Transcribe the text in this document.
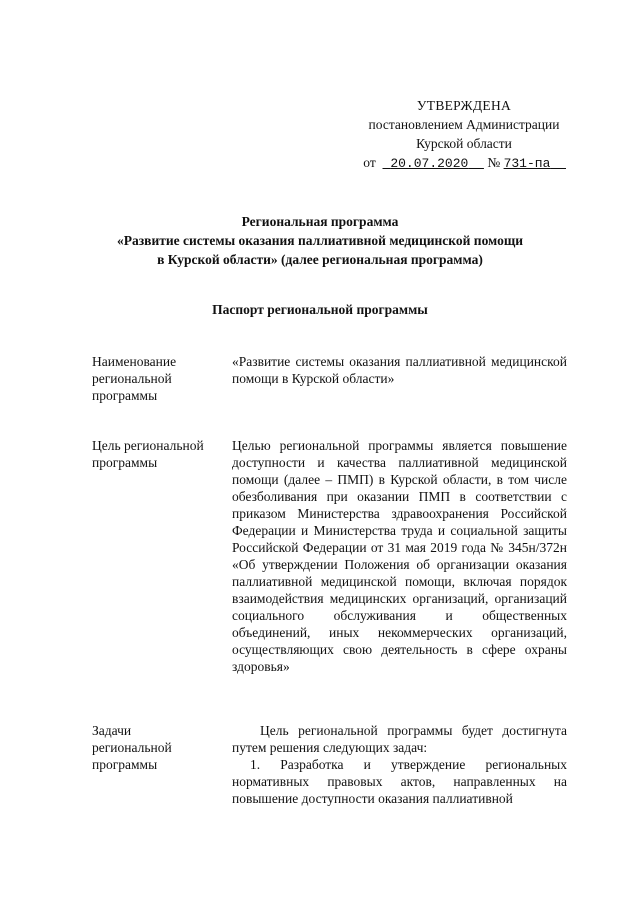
УТВЕРЖДЕНА
постановлением Администрации
Курской области
от 20.07.2020 № 731-па
Региональная программа
«Развитие системы оказания паллиативной медицинской помощи
в Курской области» (далее региональная программа)
Паспорт региональной программы
Наименование региональной программы
«Развитие системы оказания паллиативной медицинской помощи в Курской области»
Цель региональной программы
Целью региональной программы является повышение доступности и качества паллиативной медицинской помощи (далее – ПМП) в Курской области, в том числе обезболивания при оказании ПМП в соответствии с приказом Министерства здравоохранения Российской Федерации и Министерства труда и социальной защиты Российской Федерации от 31 мая 2019 года № 345н/372н «Об утверждении Положения об организации оказания паллиативной медицинской помощи, включая порядок взаимодействия медицинских организаций, организаций социального обслуживания и общественных объединений, иных некоммерческих организаций, осуществляющих свою деятельность в сфере охраны здоровья»
Задачи региональной программы

Цель региональной программы будет достигнута путем решения следующих задач:

1. Разработка и утверждение региональных нормативных правовых актов, направленных на повышение доступности оказания паллиативной
